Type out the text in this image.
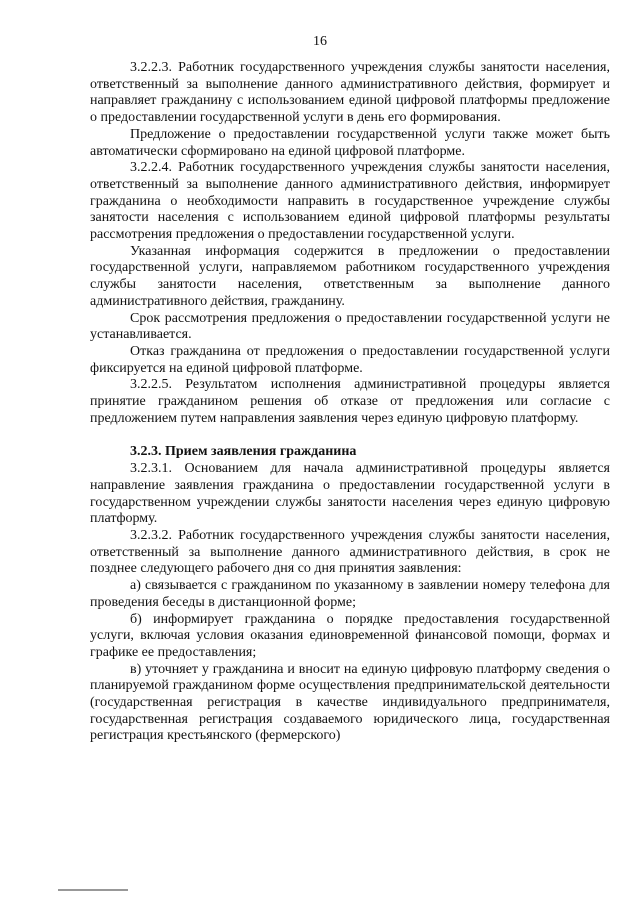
16

3.2.2.3. Работник государственного учреждения службы занятости населения, ответственный за выполнение данного административного действия, формирует и направляет гражданину с использованием единой цифровой платформы предложение о предоставлении государственной услуги в день его формирования.

Предложение о предоставлении государственной услуги также может быть автоматически сформировано на единой цифровой платформе.

3.2.2.4. Работник государственного учреждения службы занятости населения, ответственный за выполнение данного административного действия, информирует гражданина о необходимости направить в государственное учреждение службы занятости населения с использованием единой цифровой платформы результаты рассмотрения предложения о предоставлении государственной услуги.

Указанная информация содержится в предложении о предоставлении государственной услуги, направляемом работником государственного учреждения службы занятости населения, ответственным за выполнение данного административного действия, гражданину.

Срок рассмотрения предложения о предоставлении государственной услуги не устанавливается.

Отказ гражданина от предложения о предоставлении государственной услуги фиксируется на единой цифровой платформе.

3.2.2.5. Результатом исполнения административной процедуры является принятие гражданином решения об отказе от предложения или согласие с предложением путем направления заявления через единую цифровую платформу.

3.2.3. Прием заявления гражданина

3.2.3.1. Основанием для начала административной процедуры является направление заявления гражданина о предоставлении государственной услуги в государственном учреждении службы занятости населения через единую цифровую платформу.

3.2.3.2. Работник государственного учреждения службы занятости населения, ответственный за выполнение данного административного действия, в срок не позднее следующего рабочего дня со дня принятия заявления:

а) связывается с гражданином по указанному в заявлении номеру телефона для проведения беседы в дистанционной форме;

б) информирует гражданина о порядке предоставления государственной услуги, включая условия оказания единовременной финансовой помощи, формах и графике ее предоставления;

в) уточняет у гражданина и вносит на единую цифровую платформу сведения о планируемой гражданином форме осуществления предпринимательской деятельности (государственная регистрация в качестве индивидуального предпринимателя, государственная регистрация создаваемого юридического лица, государственная регистрация крестьянского (фермерского)
